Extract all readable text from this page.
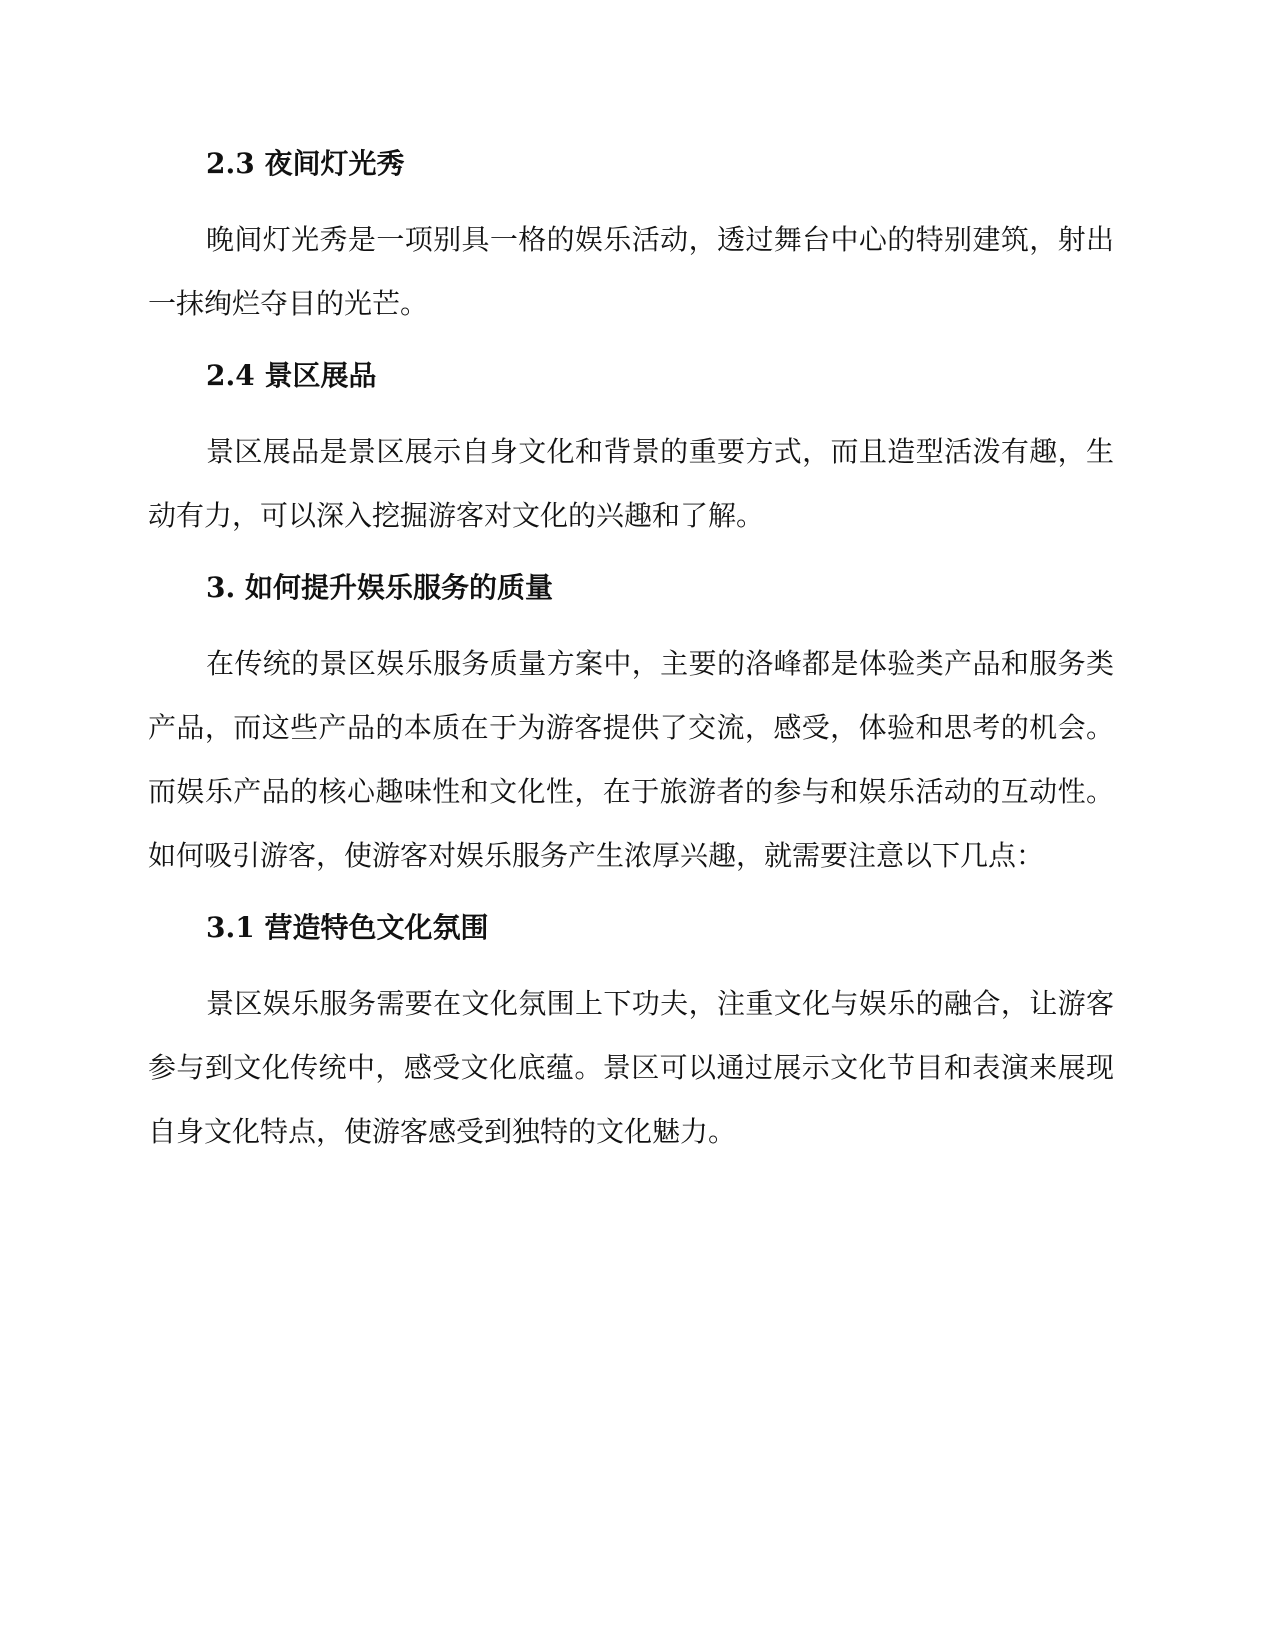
2.3 夜间灯光秀

晚间灯光秀是一项别具一格的娱乐活动，透过舞台中心的特别建筑，射出一抹绚烂夺目的光芒。

2.4 景区展品

景区展品是景区展示自身文化和背景的重要方式，而且造型活泼有趣，生动有力，可以深入挖掘游客对文化的兴趣和了解。

3. 如何提升娱乐服务的质量

在传统的景区娱乐服务质量方案中，主要的洛峰都是体验类产品和服务类产品，而这些产品的本质在于为游客提供了交流，感受，体验和思考的机会。而娱乐产品的核心趣味性和文化性，在于旅游者的参与和娱乐活动的互动性。如何吸引游客，使游客对娱乐服务产生浓厚兴趣，就需要注意以下几点：

3.1 营造特色文化氛围

景区娱乐服务需要在文化氛围上下功夫，注重文化与娱乐的融合，让游客参与到文化传统中，感受文化底蕴。景区可以通过展示文化节目和表演来展现自身文化特点，使游客感受到独特的文化魅力。
